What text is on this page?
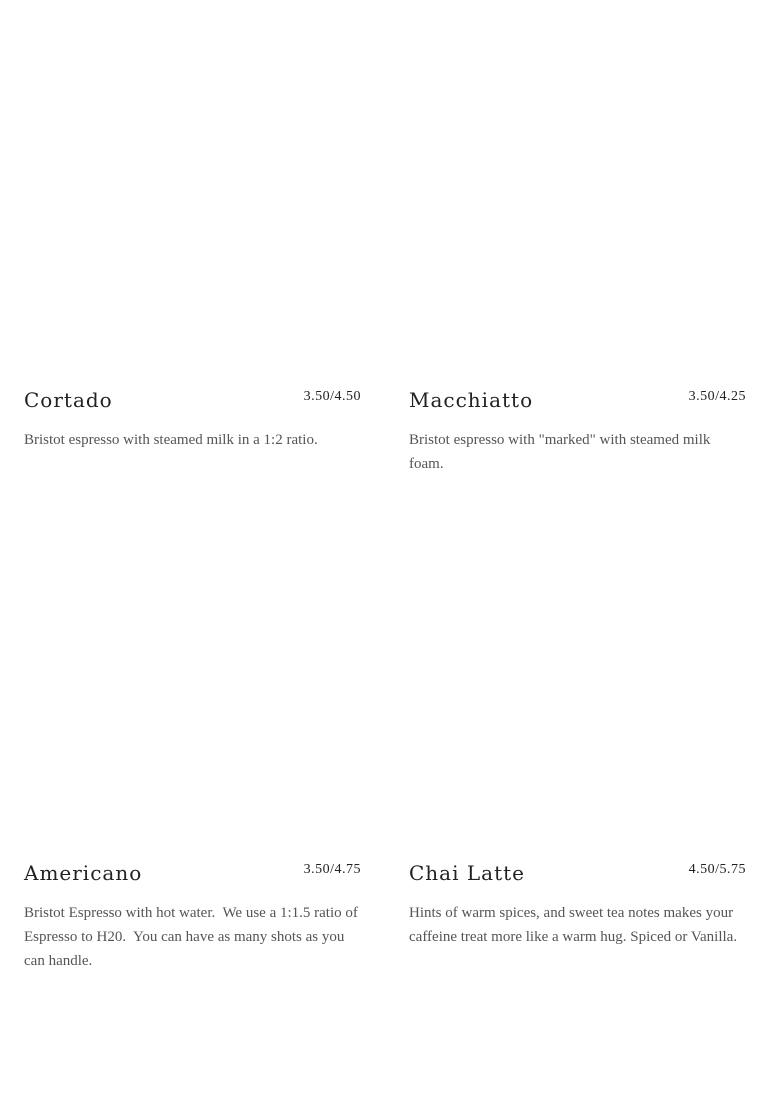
Cortado	3.50/4.50
Bristot espresso with steamed milk in a 1:2 ratio.
Macchiatto	3.50/4.25
Bristot espresso with "marked" with steamed milk foam.
Americano	3.50/4.75
Bristot Espresso with hot water.  We use a 1:1.5 ratio of Espresso to H20.  You can have as many shots as you can handle.
Chai Latte	4.50/5.75
Hints of warm spices, and sweet tea notes makes your caffeine treat more like a warm hug. Spiced or Vanilla.
